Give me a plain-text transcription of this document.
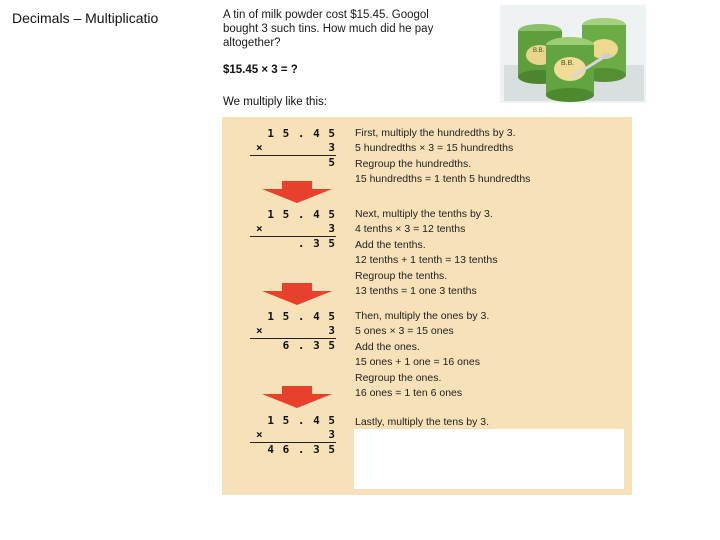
Decimals – Multiplicatio	A tin of milk powder cost $15.45. Googol
bought 3 such tins. How much did he pay
altogether?
$15.45 × 3 = ?
We multiply like this:
B.B.
B.B.
1 5 . 4 5
×	3
5
First, multiply the hundredths by 3.
5 hundredths × 3 = 15 hundredths
Regroup the hundredths.
15 hundredths = 1 tenth 5 hundredths
1 5 . 4 5
×	3
. 3 5
Next, multiply the tenths by 3.
4 tenths × 3 = 12 tenths
Add the tenths.
12 tenths + 1 tenth = 13 tenths
Regroup the tenths.
13 tenths = 1 one 3 tenths
1 5 . 4 5
×	3
6 . 3 5
Then, multiply the ones by 3.
5 ones × 3 = 15 ones
Add the ones.
15 ones + 1 one = 16 ones
Regroup the ones.
16 ones = 1 ten 6 ones
1 5 . 4 5
×	3
4 6 . 3 5
Lastly, multiply the tens by 3.
